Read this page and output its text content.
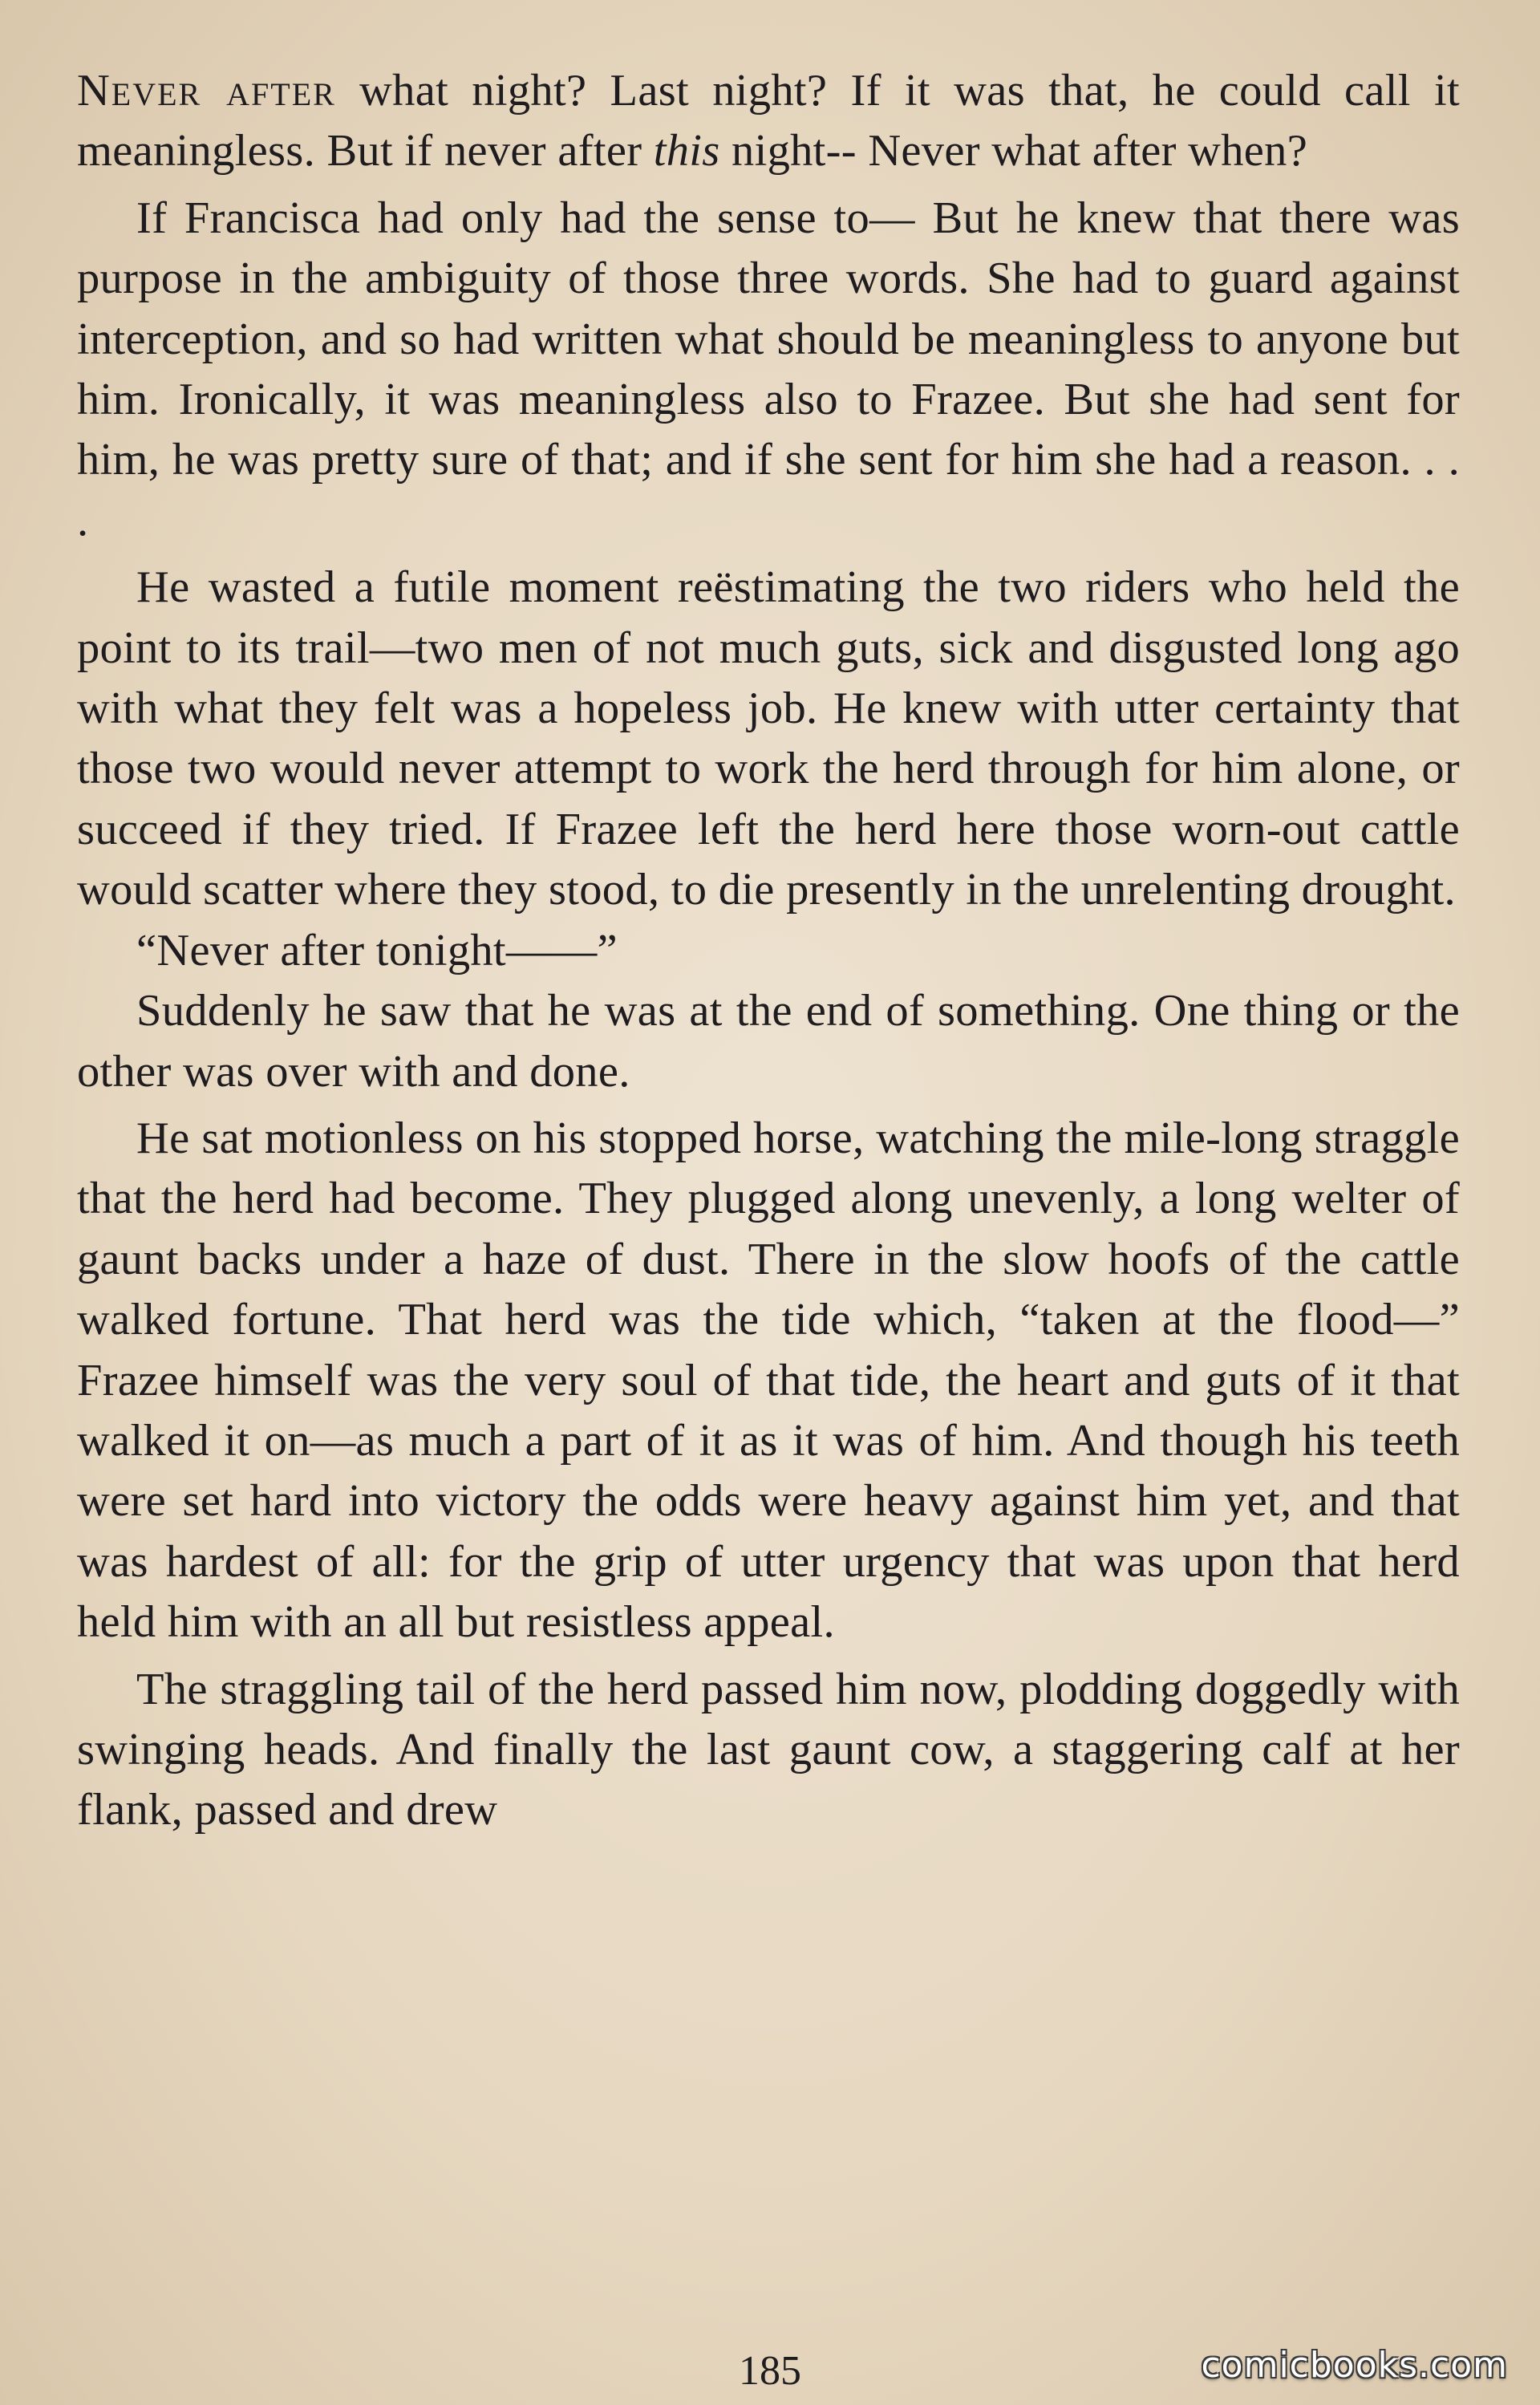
Never after what night? Last night? If it was that, he could call it meaningless. But if never after this night-- Never what after when?

If Francisca had only had the sense to— But he knew that there was purpose in the ambiguity of those three words. She had to guard against interception, and so had written what should be meaningless to anyone but him. Ironically, it was meaningless also to Frazee. But she had sent for him, he was pretty sure of that; and if she sent for him she had a reason. . . .

He wasted a futile moment reëstimating the two riders who held the point to its trail—two men of not much guts, sick and disgusted long ago with what they felt was a hopeless job. He knew with utter certainty that those two would never attempt to work the herd through for him alone, or succeed if they tried. If Frazee left the herd here those worn-out cattle would scatter where they stood, to die presently in the unrelenting drought.

“Never after tonight——”

Suddenly he saw that he was at the end of something. One thing or the other was over with and done.

He sat motionless on his stopped horse, watching the mile-long straggle that the herd had become. They plugged along unevenly, a long welter of gaunt backs under a haze of dust. There in the slow hoofs of the cattle walked fortune. That herd was the tide which, “taken at the flood—” Frazee himself was the very soul of that tide, the heart and guts of it that walked it on—as much a part of it as it was of him. And though his teeth were set hard into victory the odds were heavy against him yet, and that was hardest of all: for the grip of utter urgency that was upon that herd held him with an all but resistless appeal.

The straggling tail of the herd passed him now, plodding doggedly with swinging heads. And finally the last gaunt cow, a staggering calf at her flank, passed and drew

185	comicbooks.com
